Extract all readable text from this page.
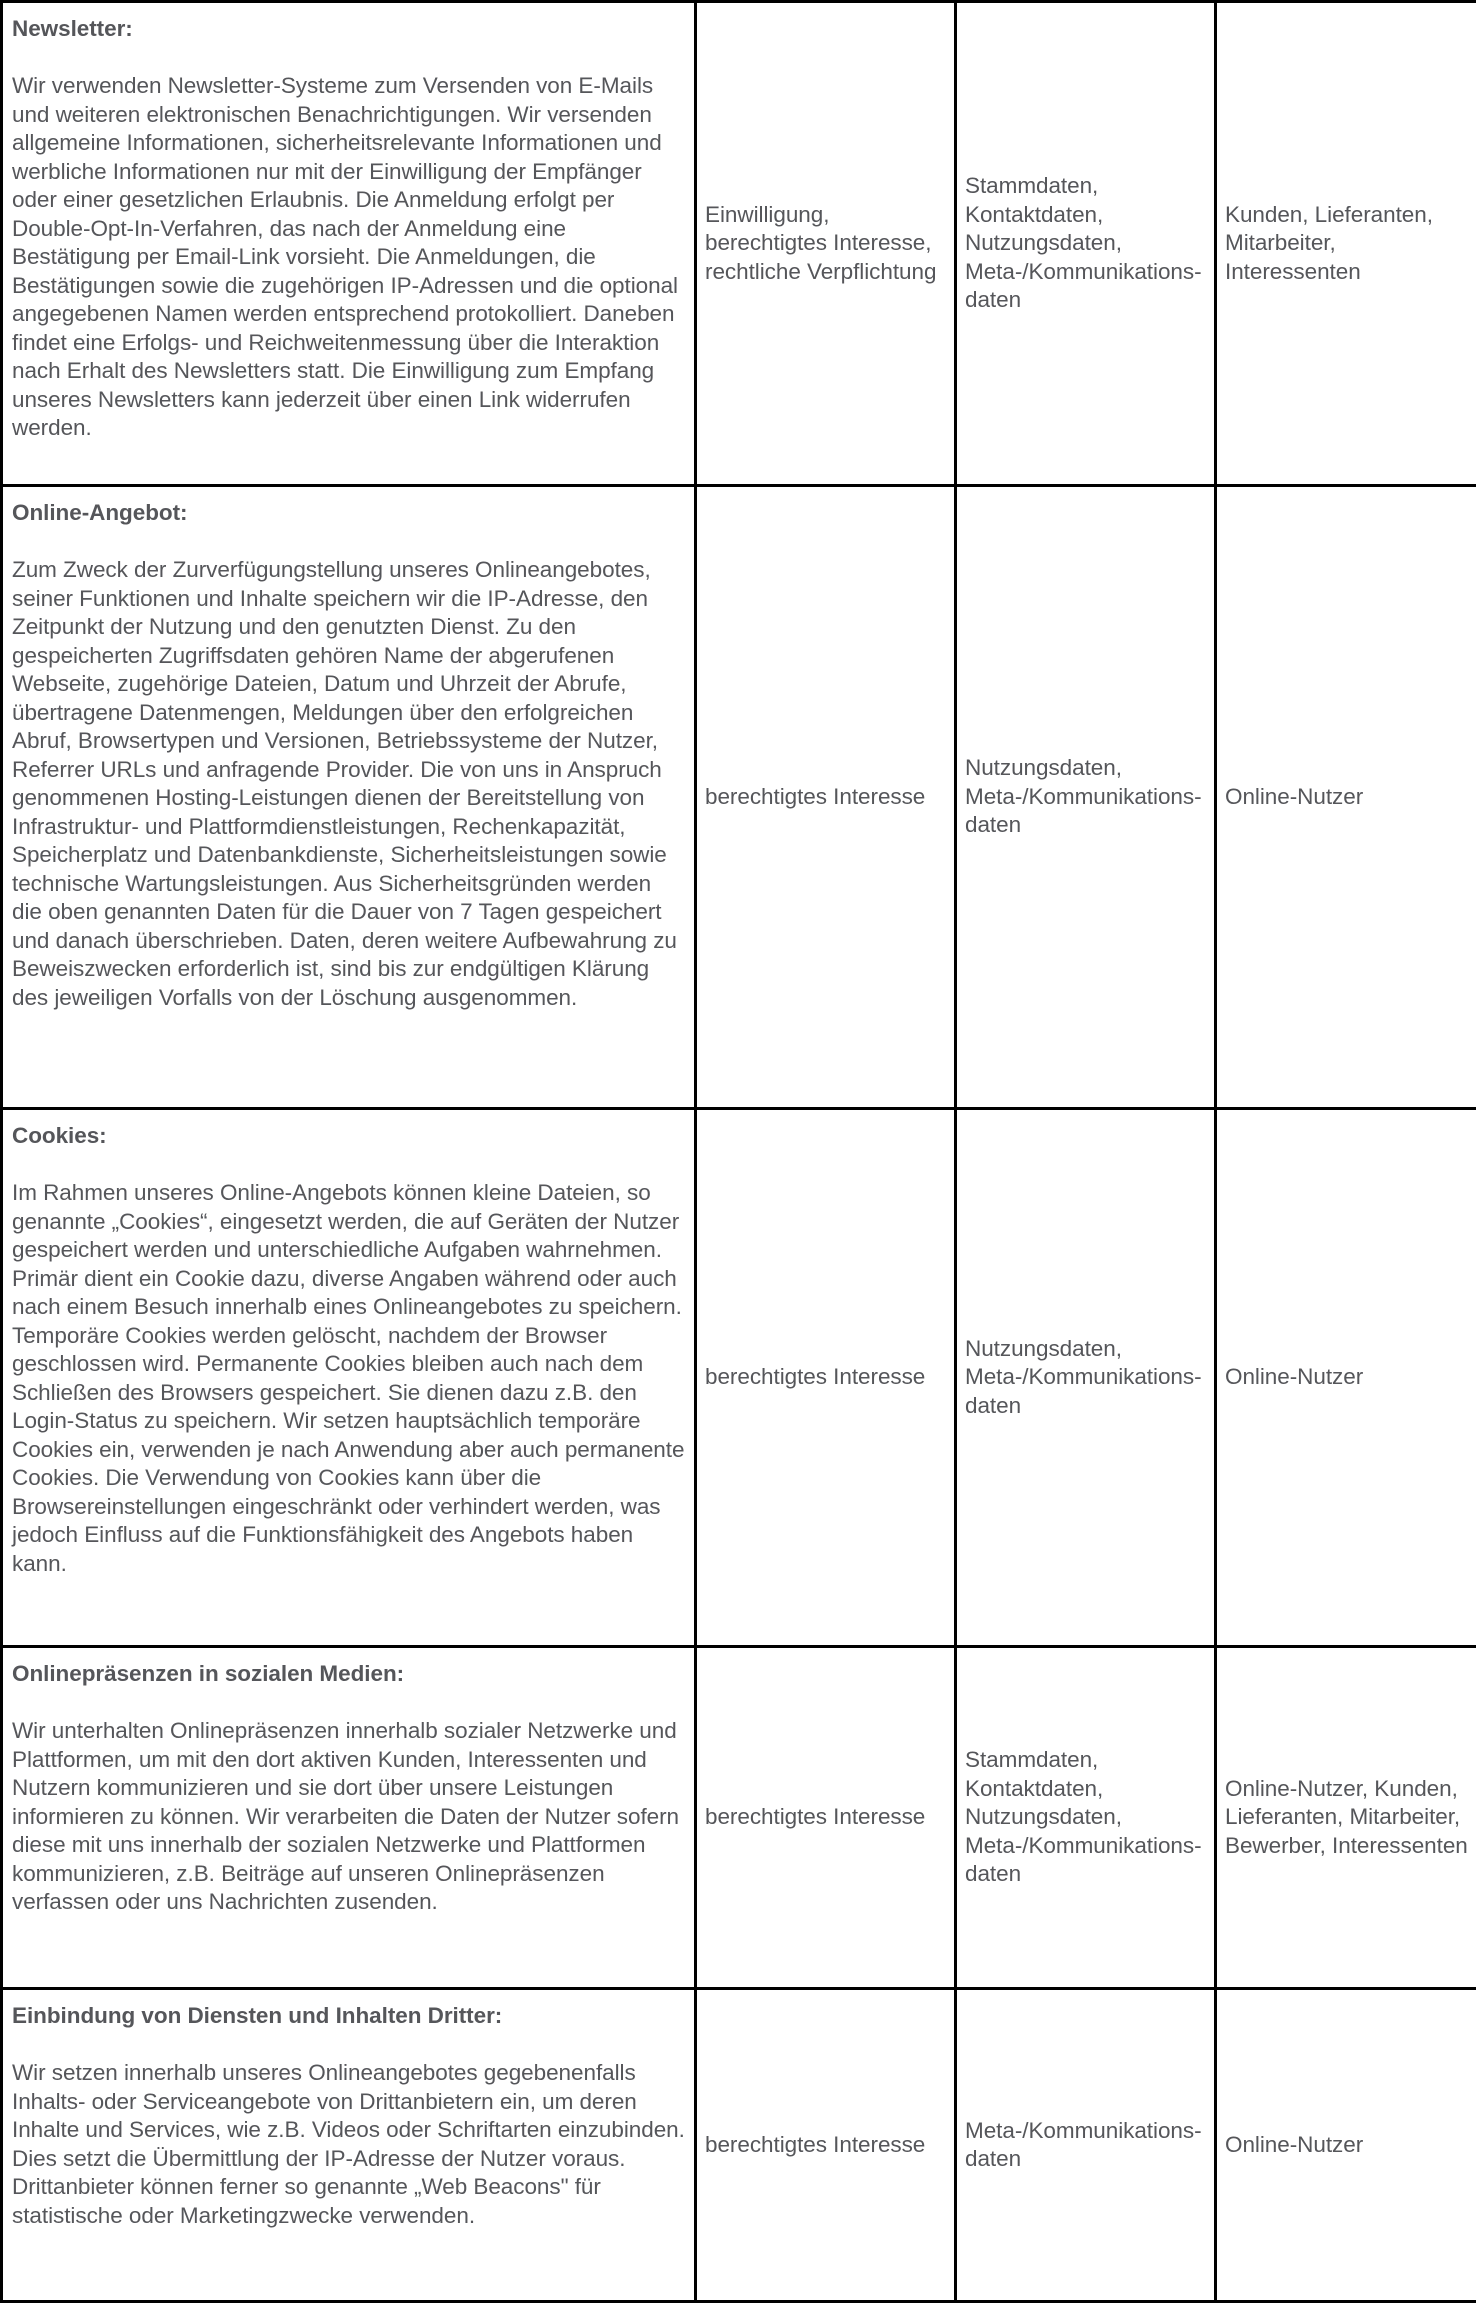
Newsletter:

Wir verwenden Newsletter-Systeme zum Versenden von E-Mails und weiteren elektronischen Benachrichtigungen. Wir versenden allgemeine Informationen, sicherheitsrelevante Informationen und werbliche Informationen nur mit der Einwilligung der Empfänger oder einer gesetzlichen Erlaubnis. Die Anmeldung erfolgt per Double-Opt-In-Verfahren, das nach der Anmeldung eine Bestätigung per Email-Link vorsieht. Die Anmeldungen, die Bestätigungen sowie die zugehörigen IP-Adressen und die optional angegebenen Namen werden entsprechend protokolliert. Daneben findet eine Erfolgs- und Reichweitenmessung über die Interaktion nach Erhalt des Newsletters statt. Die Einwilligung zum Empfang unseres Newsletters kann jederzeit über einen Link widerrufen werden.	Einwilligung, berechtigtes Interesse, rechtliche Verpflichtung	Stammdaten, Kontaktdaten, Nutzungsdaten, Meta-/Kommunikations-daten	Kunden, Lieferanten, Mitarbeiter, Interessenten

Online-Angebot:

Zum Zweck der Zurverfügungstellung unseres Onlineangebotes, seiner Funktionen und Inhalte speichern wir die IP-Adresse, den Zeitpunkt der Nutzung und den genutzten Dienst. Zu den gespeicherten Zugriffsdaten gehören Name der abgerufenen Webseite, zugehörige Dateien, Datum und Uhrzeit der Abrufe, übertragene Datenmengen, Meldungen über den erfolgreichen Abruf, Browsertypen und Versionen, Betriebssysteme der Nutzer, Referrer URLs und anfragende Provider. Die von uns in Anspruch genommenen Hosting-Leistungen dienen der Bereitstellung von Infrastruktur- und Plattformdienstleistungen, Rechenkapazität, Speicherplatz und Datenbankdienste, Sicherheitsleistungen sowie technische Wartungsleistungen. Aus Sicherheitsgründen werden die oben genannten Daten für die Dauer von 7 Tagen gespeichert und danach überschrieben. Daten, deren weitere Aufbewahrung zu Beweiszwecken erforderlich ist, sind bis zur endgültigen Klärung des jeweiligen Vorfalls von der Löschung ausgenommen.	berechtigtes Interesse	Nutzungsdaten, Meta-/Kommunikations-daten	Online-Nutzer

Cookies:

Im Rahmen unseres Online-Angebots können kleine Dateien, so genannte „Cookies“, eingesetzt werden, die auf Geräten der Nutzer gespeichert werden und unterschiedliche Aufgaben wahrnehmen. Primär dient ein Cookie dazu, diverse Angaben während oder auch nach einem Besuch innerhalb eines Onlineangebotes zu speichern. Temporäre Cookies werden gelöscht, nachdem der Browser geschlossen wird. Permanente Cookies bleiben auch nach dem Schließen des Browsers gespeichert. Sie dienen dazu z.B. den Login-Status zu speichern. Wir setzen hauptsächlich temporäre Cookies ein, verwenden je nach Anwendung aber auch permanente Cookies. Die Verwendung von Cookies kann über die Browsereinstellungen eingeschränkt oder verhindert werden, was jedoch Einfluss auf die Funktionsfähigkeit des Angebots haben kann.	berechtigtes Interesse	Nutzungsdaten, Meta-/Kommunikations-daten	Online-Nutzer

Onlinepräsenzen in sozialen Medien:

Wir unterhalten Onlinepräsenzen innerhalb sozialer Netzwerke und Plattformen, um mit den dort aktiven Kunden, Interessenten und Nutzern kommunizieren und sie dort über unsere Leistungen informieren zu können. Wir verarbeiten die Daten der Nutzer sofern diese mit uns innerhalb der sozialen Netzwerke und Plattformen kommunizieren, z.B. Beiträge auf unseren Onlinepräsenzen verfassen oder uns Nachrichten zusenden.	berechtigtes Interesse	Stammdaten, Kontaktdaten, Nutzungsdaten, Meta-/Kommunikations-daten	Online-Nutzer, Kunden, Lieferanten, Mitarbeiter, Bewerber, Interessenten

Einbindung von Diensten und Inhalten Dritter:

Wir setzen innerhalb unseres Onlineangebotes gegebenenfalls Inhalts- oder Serviceangebote von Drittanbietern ein, um deren Inhalte und Services, wie z.B. Videos oder Schriftarten einzubinden. Dies setzt die Übermittlung der IP-Adresse der Nutzer voraus. Drittanbieter können ferner so genannte „Web Beacons" für statistische oder Marketingzwecke verwenden.	berechtigtes Interesse	Meta-/Kommunikations-daten	Online-Nutzer
